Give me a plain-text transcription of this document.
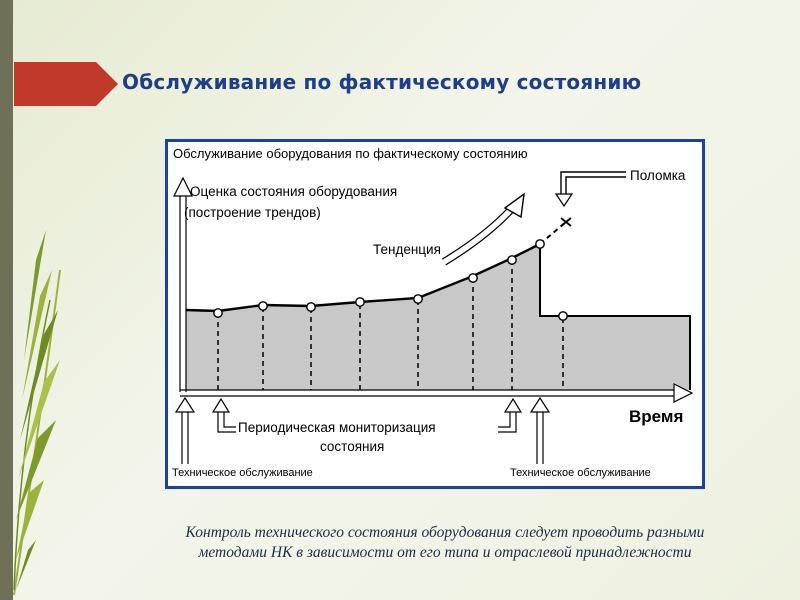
Обслуживание по фактическому состоянию
Обслуживание оборудования по фактическому состоянию
Оценка состояния оборудования
(построение трендов)
Тенденция
Поломка
Время
Периодическая мониторизация
состояния
Техническое обслуживание	Техническое обслуживание

Контроль технического состояния оборудования следует проводить разными
методами НК в зависимости от его типа и отраслевой принадлежности
